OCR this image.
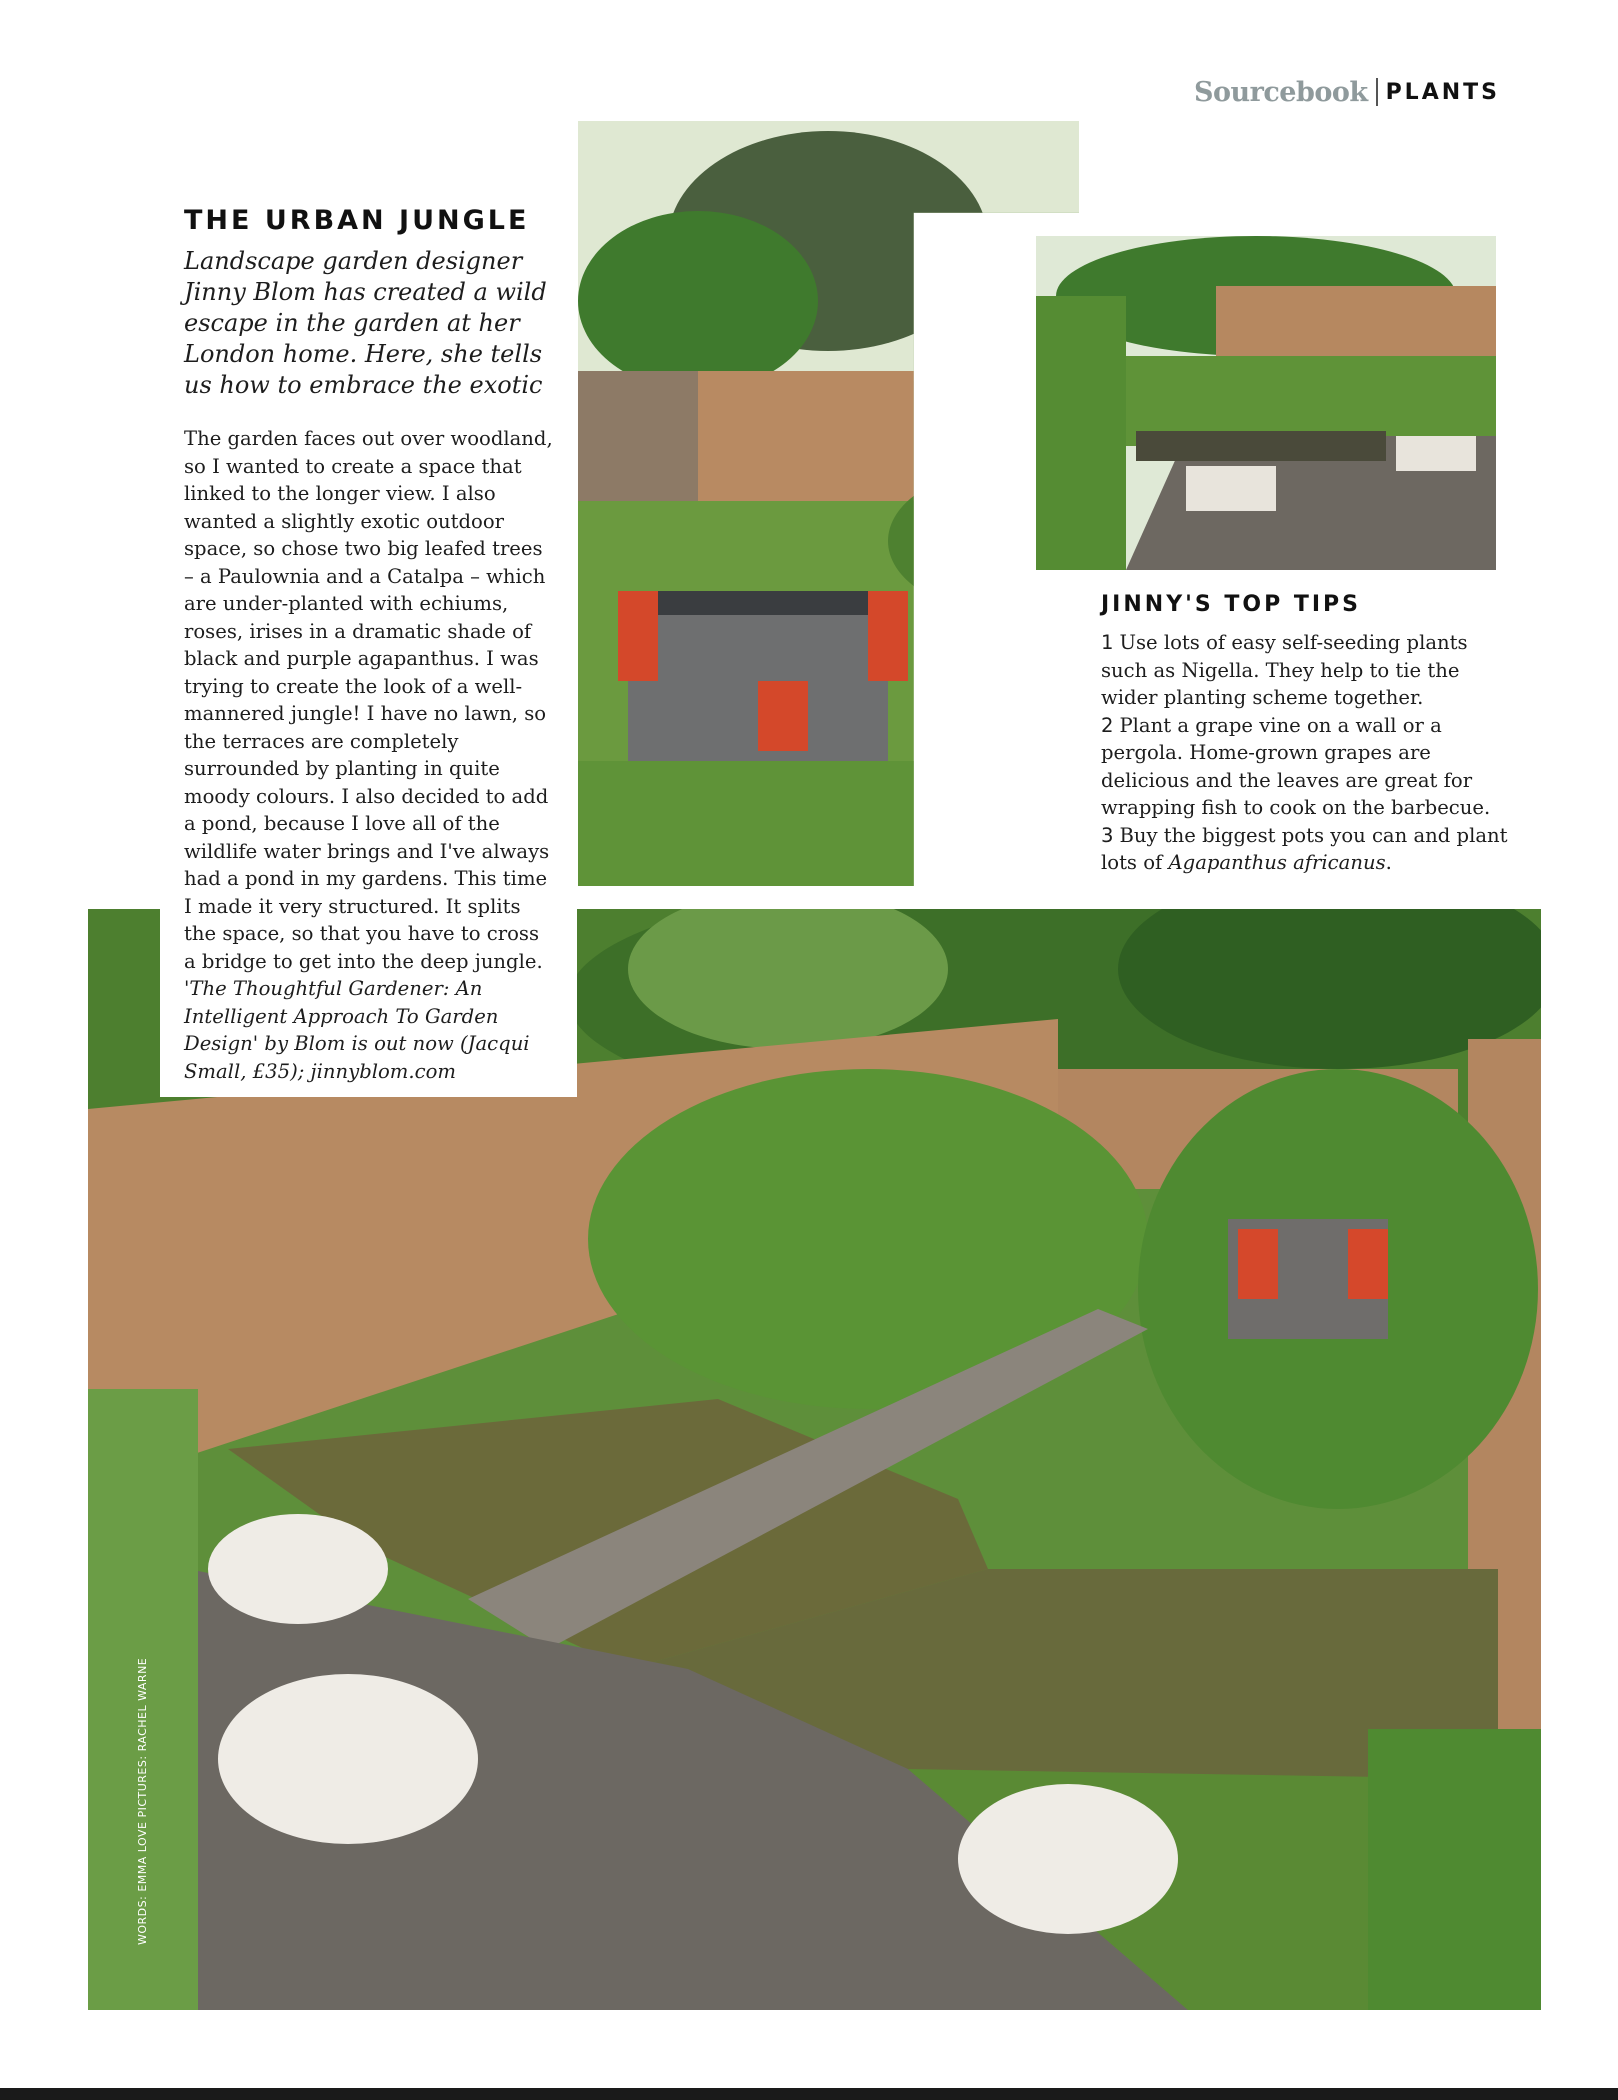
Sourcebook PLANTS
THE URBAN JUNGLE

Landscape garden designer Jinny Blom has created a wild escape in the garden at her London home. Here, she tells us how to embrace the exotic

The garden faces out over woodland, so I wanted to create a space that linked to the longer view. I also wanted a slightly exotic outdoor space, so chose two big leafed trees – a Paulownia and a Catalpa – which are under-planted with echiums, roses, irises in a dramatic shade of black and purple agapanthus. I was trying to create the look of a well-mannered jungle! I have no lawn, so the terraces are completely surrounded by planting in quite moody colours. I also decided to add a pond, because I love all of the wildlife water brings and I've always had a pond in my gardens. This time I made it very structured. It splits the space, so that you have to cross a bridge to get into the deep jungle.

'The Thoughtful Gardener: An Intelligent Approach To Garden Design' by Blom is out now (Jacqui Small, £35); jinnyblom.com

JINNY'S TOP TIPS

1 Use lots of easy self-seeding plants such as Nigella. They help to tie the wider planting scheme together.

2 Plant a grape vine on a wall or a pergola. Home-grown grapes are delicious and the leaves are great for wrapping fish to cook on the barbecue.

3 Buy the biggest pots you can and plant lots of Agapanthus africanus.

WORDS: EMMA LOVE PICTURES: RACHEL WARNE
